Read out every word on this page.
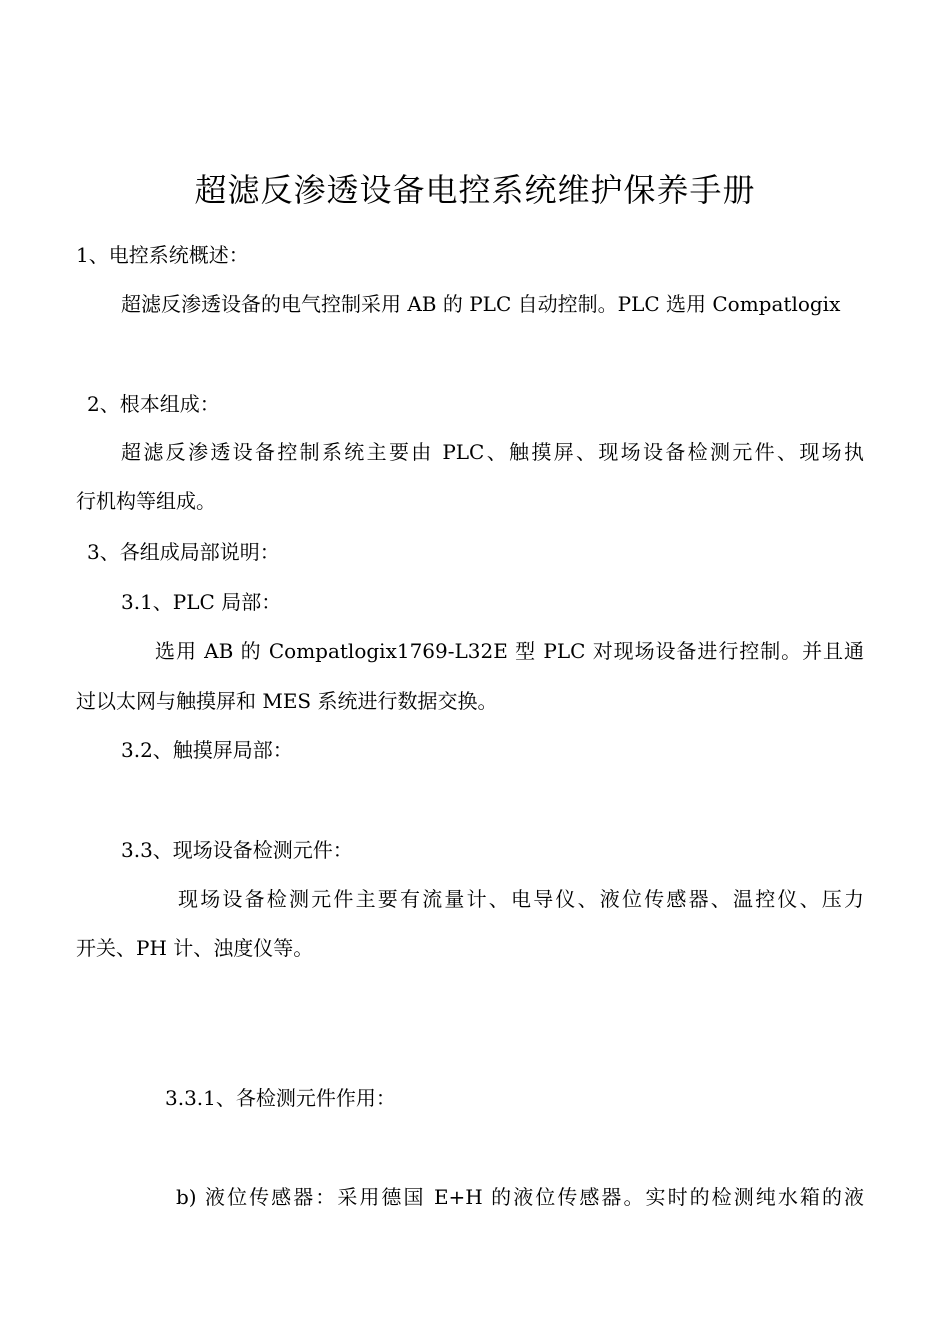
超滤反渗透设备电控系统维护保养手册
1、电控系统概述：
超滤反渗透设备的电气控制采用 AB 的 PLC 自动控制。PLC 选用 Compatlogix
2、根本组成：
超滤反渗透设备控制系统主要由 PLC、触摸屏、现场设备检测元件、现场执
行机构等组成。
3、各组成局部说明：
3.1、PLC 局部：
选用 AB 的 Compatlogix1769-L32E 型 PLC 对现场设备进行控制。并且通
过以太网与触摸屏和 MES 系统进行数据交换。
3.2、触摸屏局部：
3.3、现场设备检测元件：
现场设备检测元件主要有流量计、电导仪、液位传感器、温控仪、压力
开关、PH 计、浊度仪等。
3.3.1、各检测元件作用：
b) 液位传感器：采用德国 E+H 的液位传感器。实时的检测纯水箱的液
